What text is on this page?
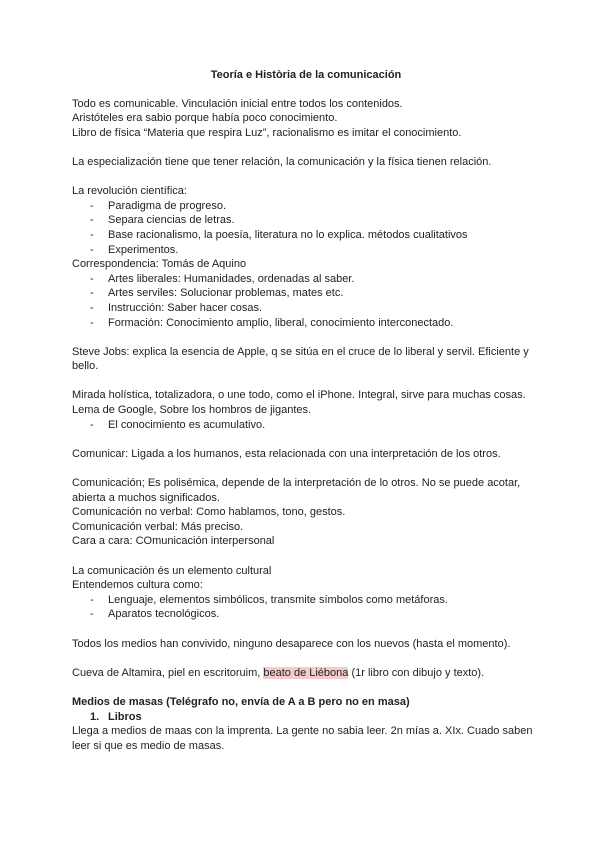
Teoría e Història de la comunicación

Todo es comunicable. Vinculación inicial entre todos los contenidos.

Aristóteles era sabio porque había poco conocimiento.

Libro de física “Materia que respira Luz”, racionalismo es imitar el conocimiento.

La especialización tiene que tener relación, la comunicación y la física tienen relación.

La revolución científica:

- Paradigma de progreso.
- Separa ciencias de letras.
- Base racionalismo, la poesía, literatura no lo explica. métodos cualitativos
- Experimentos.

Correspondencia: Tomás de Aquino

- Artes liberales: Humanidades, ordenadas al saber.
- Artes serviles: Solucionar problemas, mates etc.
- Instrucción: Saber hacer cosas.
- Formación: Conocimiento amplio, liberal, conocimiento interconectado.

Steve Jobs: explica la esencia de Apple, q se sitúa en el cruce de lo liberal y servil. Eficiente y bello.

Mirada holística, totalizadora, o une todo, como el iPhone. Integral, sirve para muchas cosas.

Lema de Google, Sobre los hombros de jigantes.

- El conocimiento es acumulativo.

Comunicar: Ligada a los humanos, esta relacionada con una interpretación de los otros.

Comunicación; Es polisémica, depende de la interpretación de lo otros. No se puede acotar, abierta a muchos significados.

Comunicación no verbal: Como hablamos, tono, gestos.

Comunicación verbal: Más preciso.

Cara a cara: COmunicación interpersonal

La comunicación és un elemento cultural

Entendemos cultura como:

- Lenguaje, elementos simbólicos, transmite símbolos como metáforas.
- Aparatos tecnológicos.

Todos los medios han convivido, ninguno desaparece con los nuevos (hasta el momento).

Cueva de Altamira, piel en escritoruim, beato de Liébona (1r libro con dibujo y texto).

Medios de masas (Telégrafo no, envía de A a B pero no en masa)

1. Libros

Llega a medios de maas con la imprenta. La gente no sabia leer. 2n mías a. XIx. Cuado saben leer si que es medio de masas.
